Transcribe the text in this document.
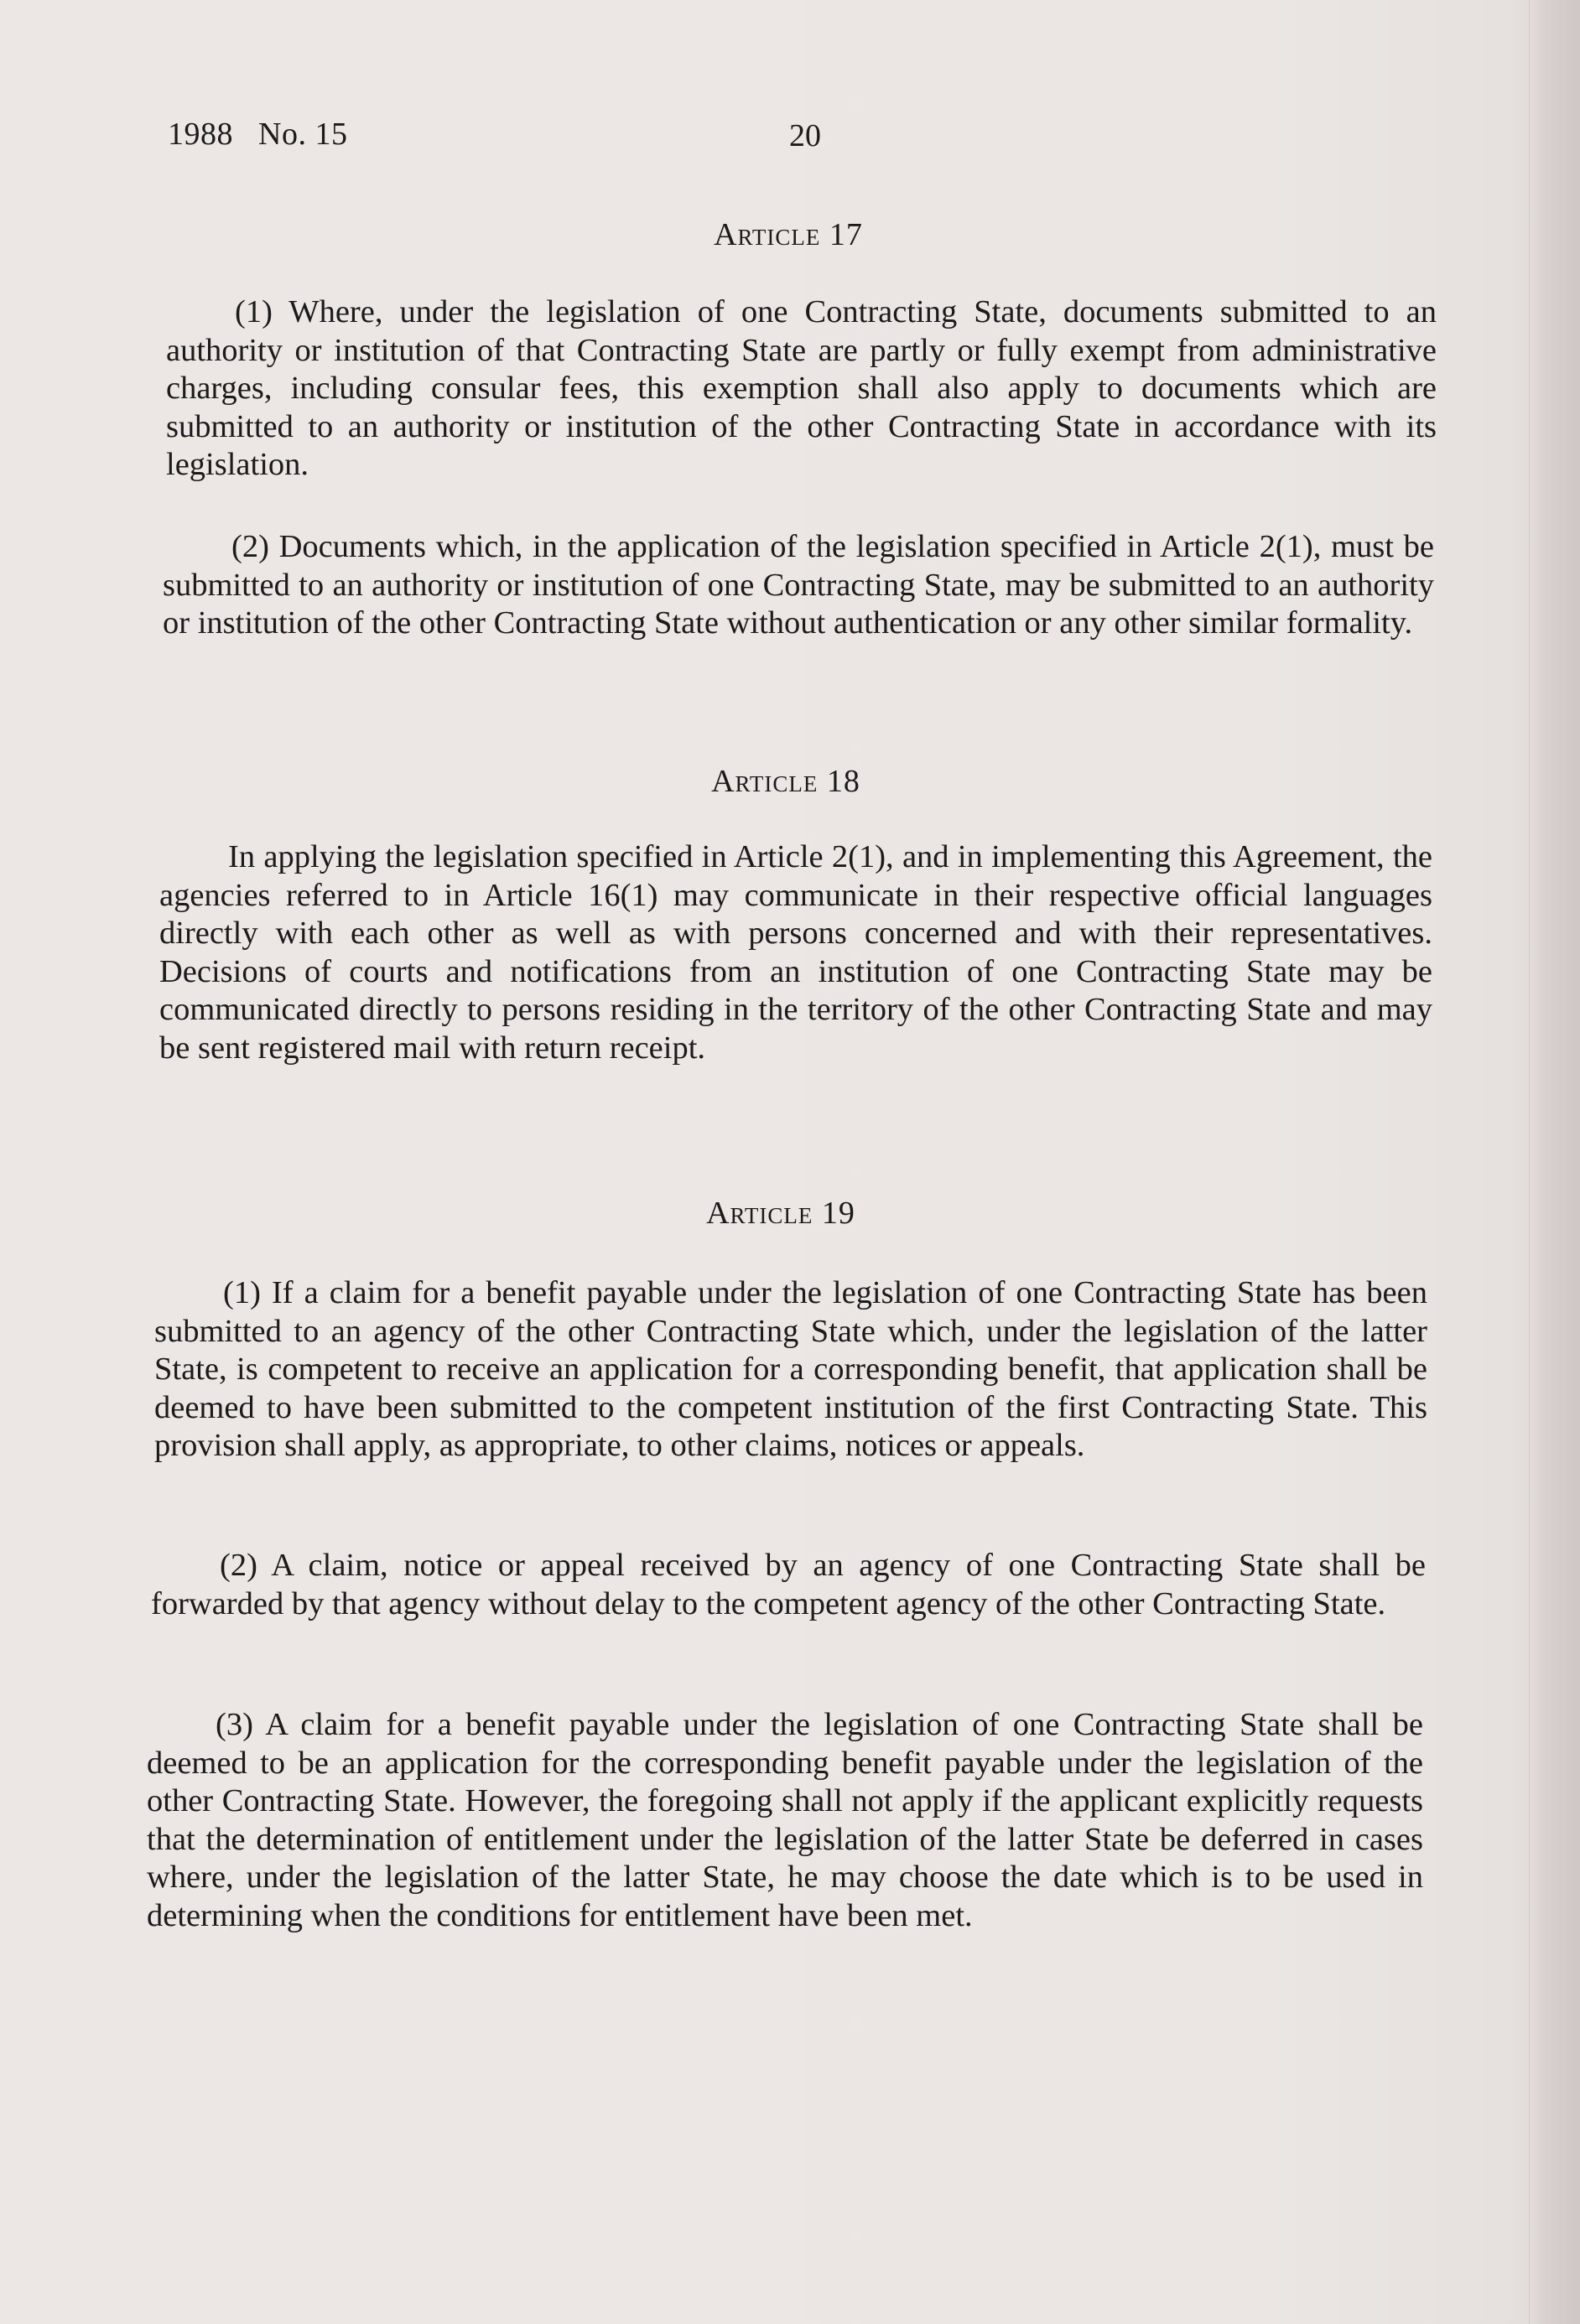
1988   No. 15	20
Article 17

(1) Where, under the legislation of one Contracting State, documents submitted to an authority or institution of that Contracting State are partly or fully exempt from administrative charges, including consular fees, this exemption shall also apply to documents which are submitted to an authority or institution of the other Contracting State in accordance with its legislation.

(2) Documents which, in the application of the legislation specified in Article 2(1), must be submitted to an authority or institution of one Contracting State, may be submitted to an authority or institution of the other Contracting State without authentication or any other similar formality.

Article 18

In applying the legislation specified in Article 2(1), and in implementing this Agreement, the agencies referred to in Article 16(1) may communicate in their respective official languages directly with each other as well as with persons concerned and with their representatives. Decisions of courts and notifications from an institution of one Contracting State may be communicated directly to persons residing in the territory of the other Contracting State and may be sent registered mail with return receipt.

Article 19

(1) If a claim for a benefit payable under the legislation of one Contracting State has been submitted to an agency of the other Contracting State which, under the legislation of the latter State, is competent to receive an application for a corresponding benefit, that application shall be deemed to have been submitted to the competent institution of the first Contracting State. This provision shall apply, as appropriate, to other claims, notices or appeals.

(2) A claim, notice or appeal received by an agency of one Contracting State shall be forwarded by that agency without delay to the competent agency of the other Contracting State.

(3) A claim for a benefit payable under the legislation of one Contracting State shall be deemed to be an application for the corresponding benefit payable under the legislation of the other Contracting State. However, the foregoing shall not apply if the applicant explicitly requests that the determination of entitlement under the legislation of the latter State be deferred in cases where, under the legislation of the latter State, he may choose the date which is to be used in determining when the conditions for entitlement have been met.
